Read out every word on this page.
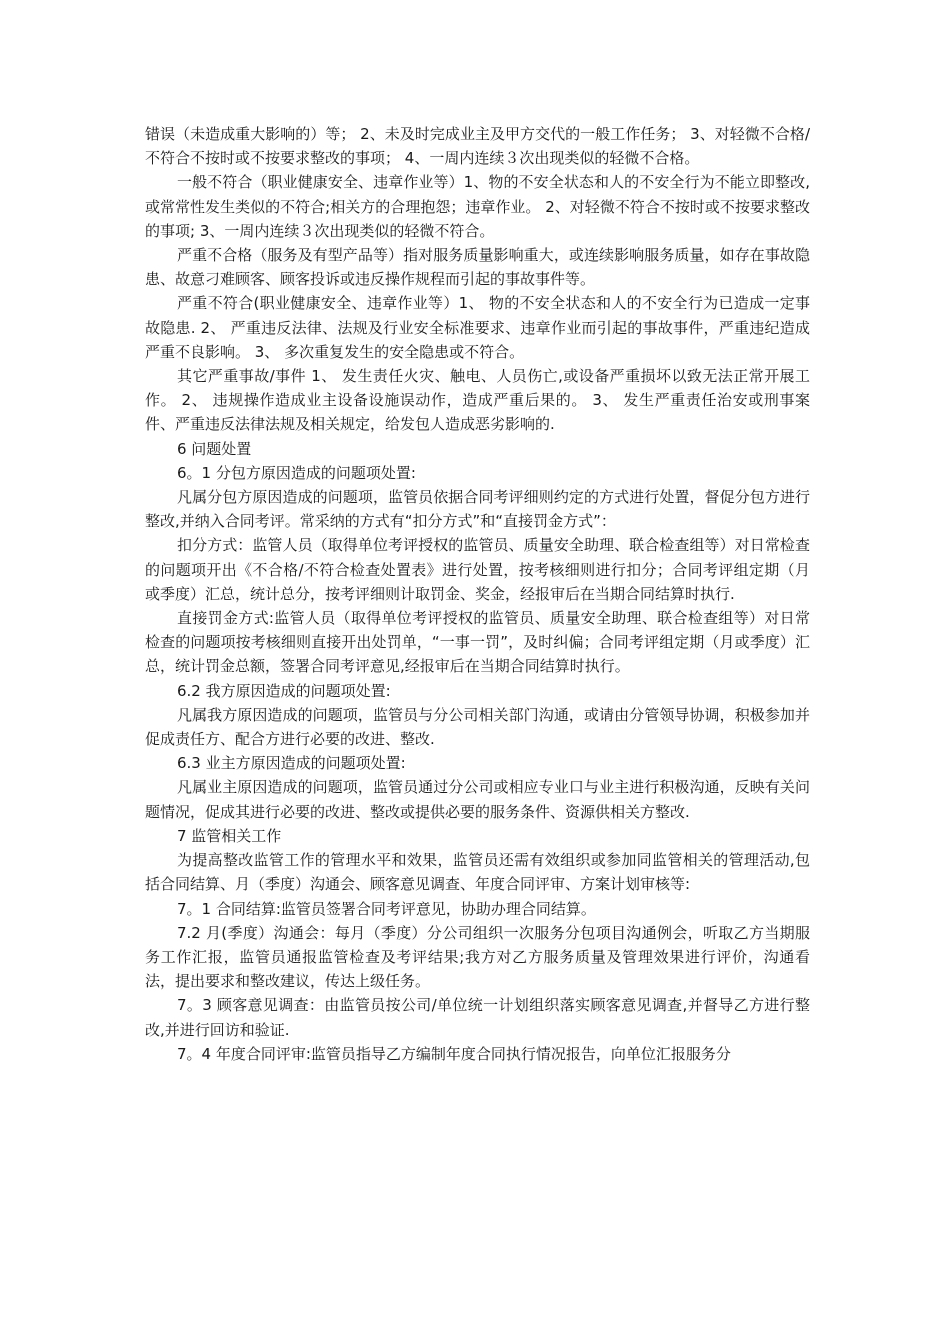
错误（未造成重大影响的）等； 2、未及时完成业主及甲方交代的一般工作任务； 3、对轻微不合格/不符合不按时或不按要求整改的事项； 4、一周内连续３次出现类似的轻微不合格。

一般不符合（职业健康安全、违章作业等）1、物的不安全状态和人的不安全行为不能立即整改,或常常性发生类似的不符合;相关方的合理抱怨；违章作业。 2、对轻微不符合不按时或不按要求整改的事项; 3、一周内连续３次出现类似的轻微不符合。

严重不合格（服务及有型产品等）指对服务质量影响重大，或连续影响服务质量，如存在事故隐患、故意刁难顾客、顾客投诉或违反操作规程而引起的事故事件等。

严重不符合(职业健康安全、违章作业等）1、 物的不安全状态和人的不安全行为已造成一定事故隐患. 2、 严重违反法律、法规及行业安全标准要求、违章作业而引起的事故事件，严重违纪造成严重不良影响。 3、 多次重复发生的安全隐患或不符合。

其它严重事故/事件 1、 发生责任火灾、触电、人员伤亡,或设备严重损坏以致无法正常开展工作。 2、 违规操作造成业主设备设施误动作，造成严重后果的。 3、 发生严重责任治安或刑事案件、严重违反法律法规及相关规定，给发包人造成恶劣影响的.

6 问题处置

6。1 分包方原因造成的问题项处置:

凡属分包方原因造成的问题项，监管员依据合同考评细则约定的方式进行处置，督促分包方进行整改,并纳入合同考评。常采纳的方式有“扣分方式”和“直接罚金方式”：

扣分方式：监管人员（取得单位考评授权的监管员、质量安全助理、联合检查组等）对日常检查的问题项开出《不合格/不符合检查处置表》进行处置，按考核细则进行扣分；合同考评组定期（月或季度）汇总，统计总分，按考评细则计取罚金、奖金，经报审后在当期合同结算时执行.

直接罚金方式:监管人员（取得单位考评授权的监管员、质量安全助理、联合检查组等）对日常检查的问题项按考核细则直接开出处罚单，“一事一罚”，及时纠偏；合同考评组定期（月或季度）汇总，统计罚金总额，签署合同考评意见,经报审后在当期合同结算时执行。

6.2 我方原因造成的问题项处置:

凡属我方原因造成的问题项，监管员与分公司相关部门沟通，或请由分管领导协调，积极参加并促成责任方、配合方进行必要的改进、整改.

6.3 业主方原因造成的问题项处置:

凡属业主原因造成的问题项，监管员通过分公司或相应专业口与业主进行积极沟通，反映有关问题情况，促成其进行必要的改进、整改或提供必要的服务条件、资源供相关方整改.

7 监管相关工作

为提高整改监管工作的管理水平和效果，监管员还需有效组织或参加同监管相关的管理活动,包括合同结算、月（季度）沟通会、顾客意见调查、年度合同评审、方案计划审核等:

7。1 合同结算:监管员签署合同考评意见，协助办理合同结算。

7.2 月(季度）沟通会：每月（季度）分公司组织一次服务分包项目沟通例会，听取乙方当期服务工作汇报，监管员通报监管检查及考评结果;我方对乙方服务质量及管理效果进行评价，沟通看法，提出要求和整改建议，传达上级任务。

7。3 顾客意见调查：由监管员按公司/单位统一计划组织落实顾客意见调查,并督导乙方进行整改,并进行回访和验证.

7。4 年度合同评审:监管员指导乙方编制年度合同执行情况报告，向单位汇报服务分
